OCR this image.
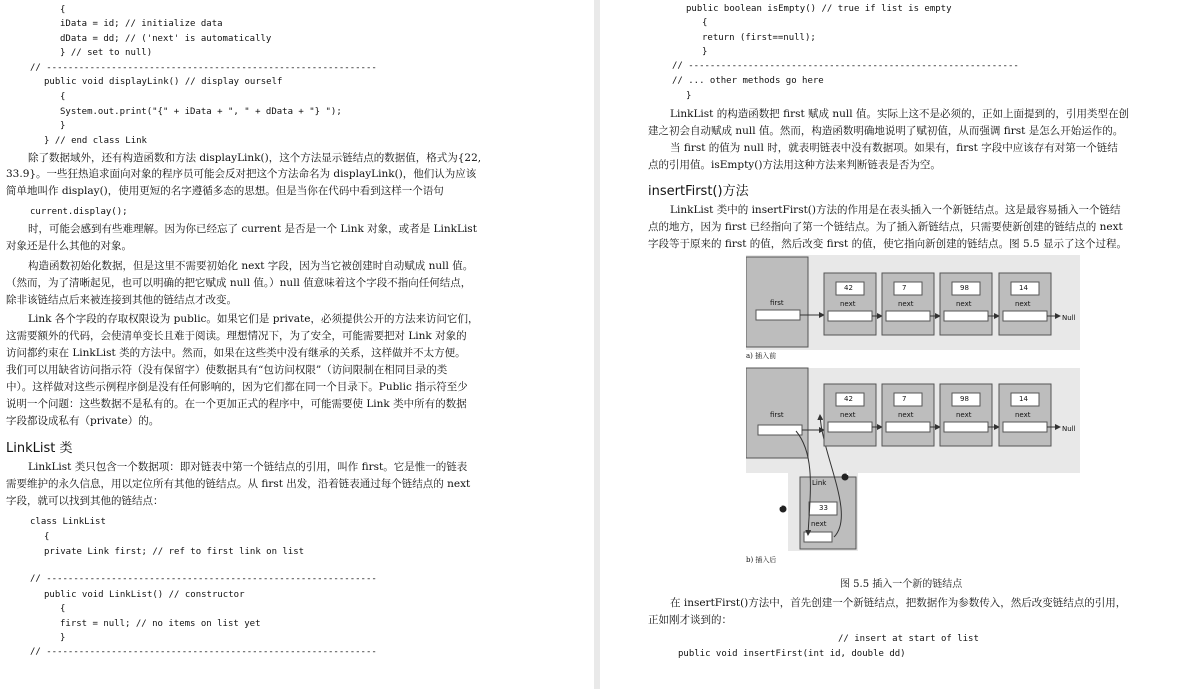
{
iData = id; // initialize data
dData = dd; // ('next' is automatically
} // set to null)
// -------------------------------------------------------------
public void displayLink() // display ourself
{
System.out.print("{" + iData + ", " + dData + "} ");
}
} // end class Link
除了数据域外，还有构造函数和方法 displayLink()，这个方法显示链结点的数据值，格式为{22,
33.9}。一些狂热追求面向对象的程序员可能会反对把这个方法命名为 displayLink()，他们认为应该
简单地叫作 display()，使用更短的名字遵循多态的思想。但是当你在代码中看到这样一个语句
current.display();
时，可能会感到有些难理解。因为你已经忘了 current 是否是一个 Link 对象，或者是 LinkList
对象还是什么其他的对象。
构造函数初始化数据，但是这里不需要初始化 next 字段，因为当它被创建时自动赋成 null 值。
（然而，为了清晰起见，也可以明确的把它赋成 null 值。）null 值意味着这个字段不指向任何结点，
除非该链结点后来被连接到其他的链结点才改变。
Link 各个字段的存取权限设为 public。如果它们是 private，必须提供公开的方法来访问它们，
这需要额外的代码，会使清单变长且难于阅读。理想情况下，为了安全，可能需要把对 Link 对象的
访问都约束在 LinkList 类的方法中。然而，如果在这些类中没有继承的关系，这样做并不太方便。
我们可以用缺省访问指示符（没有保留字）使数据具有“包访问权限”（访问限制在相同目录的类
中）。这样做对这些示例程序倒是没有任何影响的，因为它们都在同一个目录下。Public 指示符至少
说明一个问题：这些数据不是私有的。在一个更加正式的程序中，可能需要使 Link 类中所有的数据
字段都设成私有（private）的。
LinkList 类
LinkList 类只包含一个数据项：即对链表中第一个链结点的引用，叫作 first。它是惟一的链表
需要维护的永久信息，用以定位所有其他的链结点。从 first 出发，沿着链表通过每个链结点的 next
字段，就可以找到其他的链结点：
class LinkList
{
private Link first; // ref to first link on list
// -------------------------------------------------------------
public void LinkList() // constructor
{
first = null; // no items on list yet
}
// -------------------------------------------------------------
first
first
Null
Null
Link
33
next
a) 插入前
b) 插入后
42
next
7
next
98
next
14
next
42
next
7
next
98
next
14
next
1
2
图 5.5 插入一个新的链结点
public boolean isEmpty() // true if list is empty
{
return (first==null);
}
// -------------------------------------------------------------
// ... other methods go here
}
LinkList 的构造函数把 first 赋成 null 值。实际上这不是必须的，正如上面提到的，引用类型在创
建之初会自动赋成 null 值。然而，构造函数明确地说明了赋初值，从而强调 first 是怎么开始运作的。
当 first 的值为 null 时，就表明链表中没有数据项。如果有，first 字段中应该存有对第一个链结
点的引用值。isEmpty()方法用这种方法来判断链表是否为空。
insertFirst()方法
LinkList 类中的 insertFirst()方法的作用是在表头插入一个新链结点。这是最容易插入一个链结
点的地方，因为 first 已经指向了第一个链结点。为了插入新链结点，只需要使新创建的链结点的 next
字段等于原来的 first 的值，然后改变 first 的值，使它指向新创建的链结点。图 5.5 显示了这个过程。
在 insertFirst()方法中，首先创建一个新链结点，把数据作为参数传入，然后改变链结点的引用，
正如刚才谈到的：
// insert at start of list
public void insertFirst(int id, double dd)
